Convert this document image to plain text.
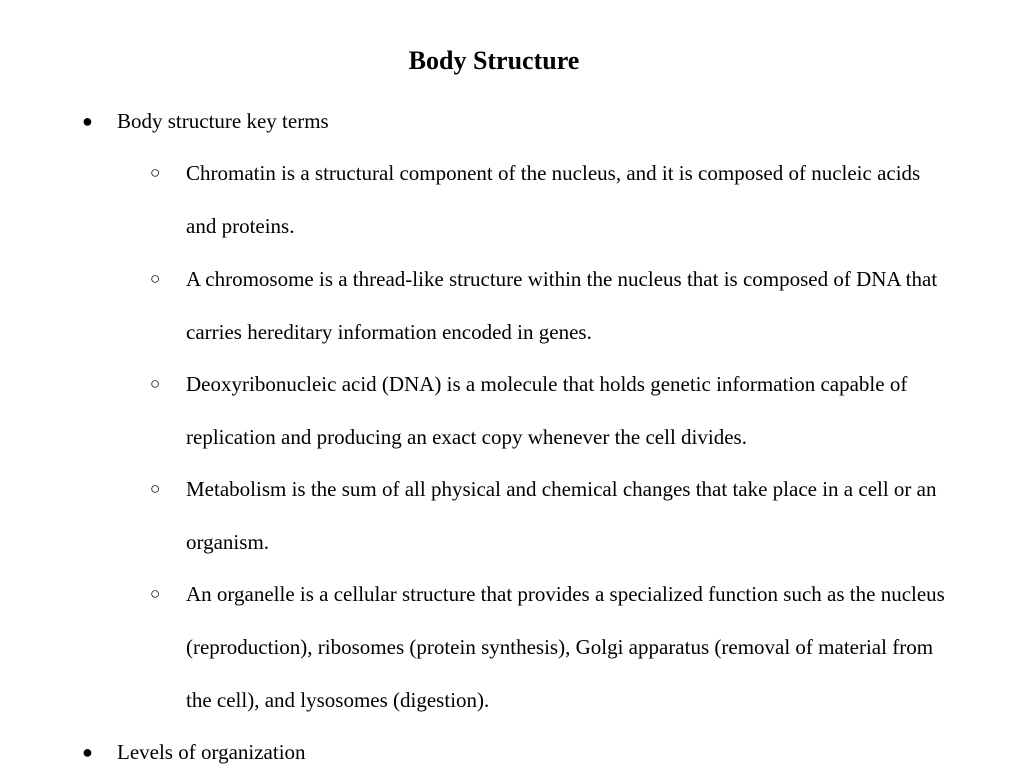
Body Structure
●	Body structure key terms
○ Chromatin is a structural component of the nucleus, and it is composed of nucleic acids and proteins.
○ A chromosome is a thread-like structure within the nucleus that is composed of DNA that carries hereditary information encoded in genes.
○ Deoxyribonucleic acid (DNA) is a molecule that holds genetic information capable of replication and producing an exact copy whenever the cell divides.
○ Metabolism is the sum of all physical and chemical changes that take place in a cell or an organism.
○ An organelle is a cellular structure that provides a specialized function such as the nucleus (reproduction), ribosomes (protein synthesis), Golgi apparatus (removal of material from the cell), and lysosomes (digestion).
●	Levels of organization
